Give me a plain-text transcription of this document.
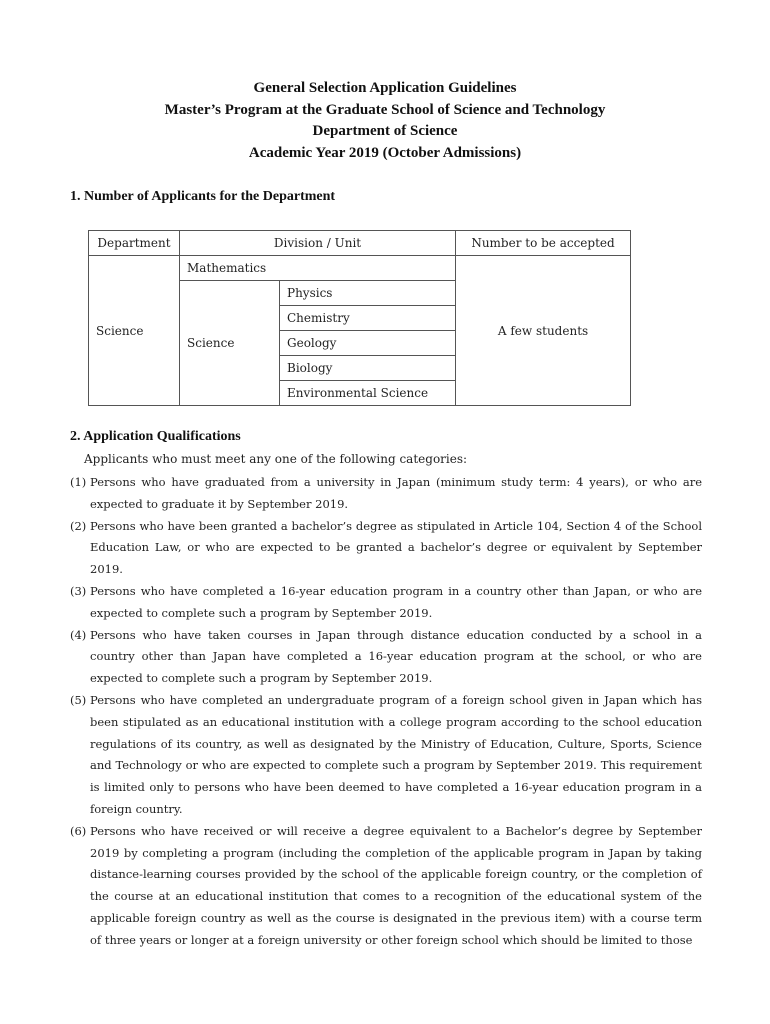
General Selection Application Guidelines
Master’s Program at the Graduate School of Science and Technology
Department of Science
Academic Year 2019 (October Admissions)
1. Number of Applicants for the Department
Department	Division / Unit		Number to be accepted
Science	Mathematics		A few students
	Science	Physics	
		Chemistry	
		Geology	
		Biology	
		Environmental Science	
2. Application Qualifications
Applicants who must meet any one of the following categories:
(1) Persons who have graduated from a university in Japan (minimum study term: 4 years), or who are expected to graduate it by September 2019.
(2) Persons who have been granted a bachelor’s degree as stipulated in Article 104, Section 4 of the School Education Law, or who are expected to be granted a bachelor’s degree or equivalent by September 2019.
(3) Persons who have completed a 16-year education program in a country other than Japan, or who are expected to complete such a program by September 2019.
(4) Persons who have taken courses in Japan through distance education conducted by a school in a country other than Japan have completed a 16-year education program at the school, or who are expected to complete such a program by September 2019.
(5) Persons who have completed an undergraduate program of a foreign school given in Japan which has been stipulated as an educational institution with a college program according to the school education regulations of its country, as well as designated by the Ministry of Education, Culture, Sports, Science and Technology or who are expected to complete such a program by September 2019. This requirement is limited only to persons who have been deemed to have completed a 16-year education program in a foreign country.
(6) Persons who have received or will receive a degree equivalent to a Bachelor’s degree by September 2019 by completing a program (including the completion of the applicable program in Japan by taking distance-learning courses provided by the school of the applicable foreign country, or the completion of the course at an educational institution that comes to a recognition of the educational system of the applicable foreign country as well as the course is designated in the previous item) with a course term of three years or longer at a foreign university or other foreign school which should be limited to those
